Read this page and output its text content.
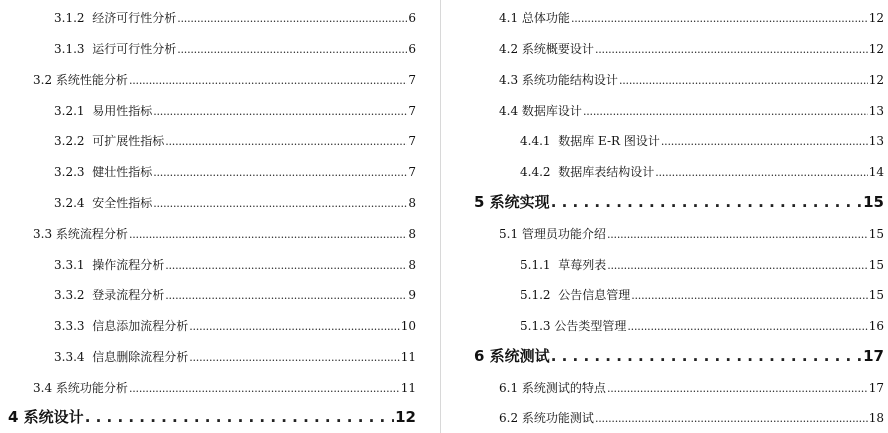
3.1.2 经济可行性分析 .....	6
3.1.3 运行可行性分析 .....	6
3.2 系统性能分析 .....	7
3.2.1 易用性指标 .....	7
3.2.2 可扩展性指标 .....	7
3.2.3 健壮性指标 .....	7
3.2.4 安全性指标 .....	8
3.3 系统流程分析 .....	8
3.3.1 操作流程分析 .....	8
3.3.2 登录流程分析 .....	9
3.3.3 信息添加流程分析 .....	10
3.3.4 信息删除流程分析 .....	11
3.4 系统功能分析 .....	11
4 系统设计 . . .	12
4.1 总体功能 .....	12
4.2 系统概要设计 .....	12
4.3 系统功能结构设计 .....	12
4.4 数据库设计 .....	13
4.4.1 数据库 E-R 图设计 .....	13
4.4.2 数据库表结构设计 .....	14
5 系统实现 . . .	15
5.1 管理员功能介绍 .....	15
5.1.1 草莓列表 .....	15
5.1.2 公告信息管理 .....	15
5.1.3 公告类型管理 .....	16
6 系统测试 . . .	17
6.1 系统测试的特点 .....	17
6.2 系统功能测试 .....	18
